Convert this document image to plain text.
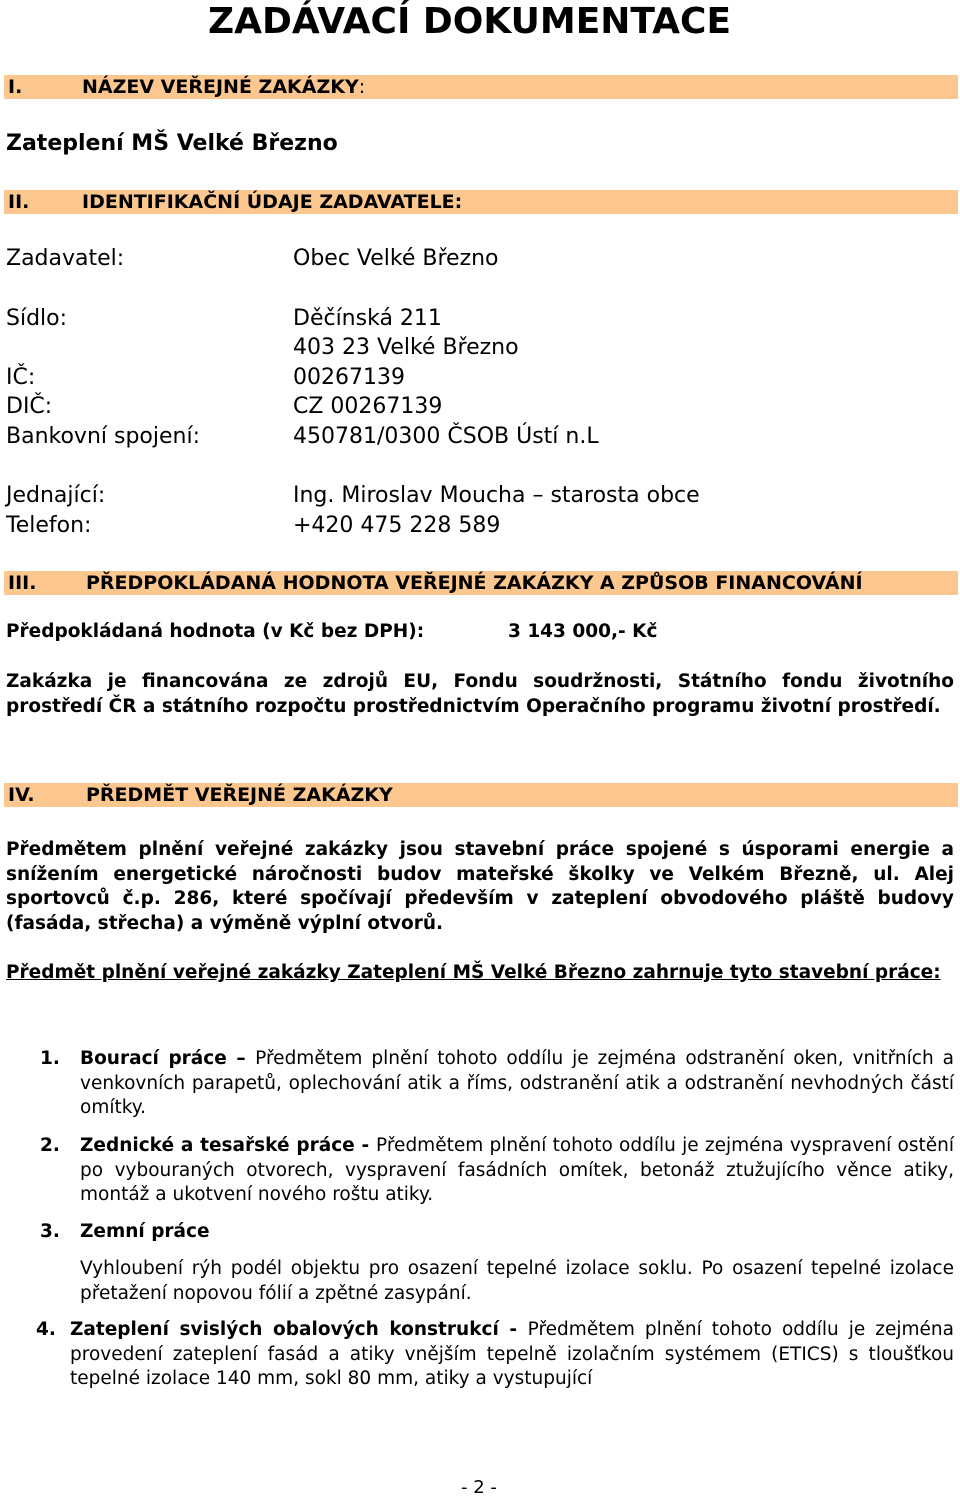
ZADÁVACÍ DOKUMENTACE
I.	NÁZEV VEŘEJNÉ ZAKÁZKY:
Zateplení MŠ Velké Březno
II.	IDENTIFIKAČNÍ ÚDAJE ZADAVATELE:
Zadavatel:	Obec Velké Březno
Sídlo:	Děčínská 211
403 23 Velké Březno
IČ:	00267139
DIČ:	CZ 00267139
Bankovní spojení:	450781/0300 ČSOB Ústí n.L
Jednající:	Ing. Miroslav Moucha – starosta obce
Telefon:	+420 475 228 589
III.	PŘEDPOKLÁDANÁ HODNOTA VEŘEJNÉ ZAKÁZKY A ZPŮSOB FINANCOVÁNÍ
Předpokládaná hodnota (v Kč bez DPH):	3 143 000,- Kč

Zakázka je financována ze zdrojů EU, Fondu soudržnosti, Státního fondu životního prostředí ČR a státního rozpočtu prostřednictvím Operačního programu životní prostředí.

IV.	PŘEDMĚT VEŘEJNÉ ZAKÁZKY

Předmětem plnění veřejné zakázky jsou stavební práce spojené s úsporami energie a snížením energetické náročnosti budov mateřské školky ve Velkém Březně, ul. Alej sportovců č.p. 286, které spočívají především v zateplení obvodového pláště budovy (fasáda, střecha) a výměně výplní otvorů.

Předmět plnění veřejné zakázky Zateplení MŠ Velké Březno zahrnuje tyto stavební práce:

1. Bourací práce – Předmětem plnění tohoto oddílu je zejména odstranění oken, vnitřních a venkovních parapetů, oplechování atik a říms, odstranění atik a odstranění nevhodných částí omítky.
2. Zednické a tesařské práce - Předmětem plnění tohoto oddílu je zejména vyspravení ostění po vybouraných otvorech, vyspravení fasádních omítek, betonáž ztužujícího věnce atiky, montáž a ukotvení nového roštu atiky.
3. Zemní práce
Vyhloubení rýh podél objektu pro osazení tepelné izolace soklu. Po osazení tepelné izolace přetažení nopovou fólií a zpětné zasypání.
4. Zateplení svislých obalových konstrukcí - Předmětem plnění tohoto oddílu je zejména provedení zateplení fasád a atiky vnějším tepelně izolačním systémem (ETICS) s tloušťkou tepelné izolace 140 mm, sokl 80 mm, atiky a vystupující
- 2 -
